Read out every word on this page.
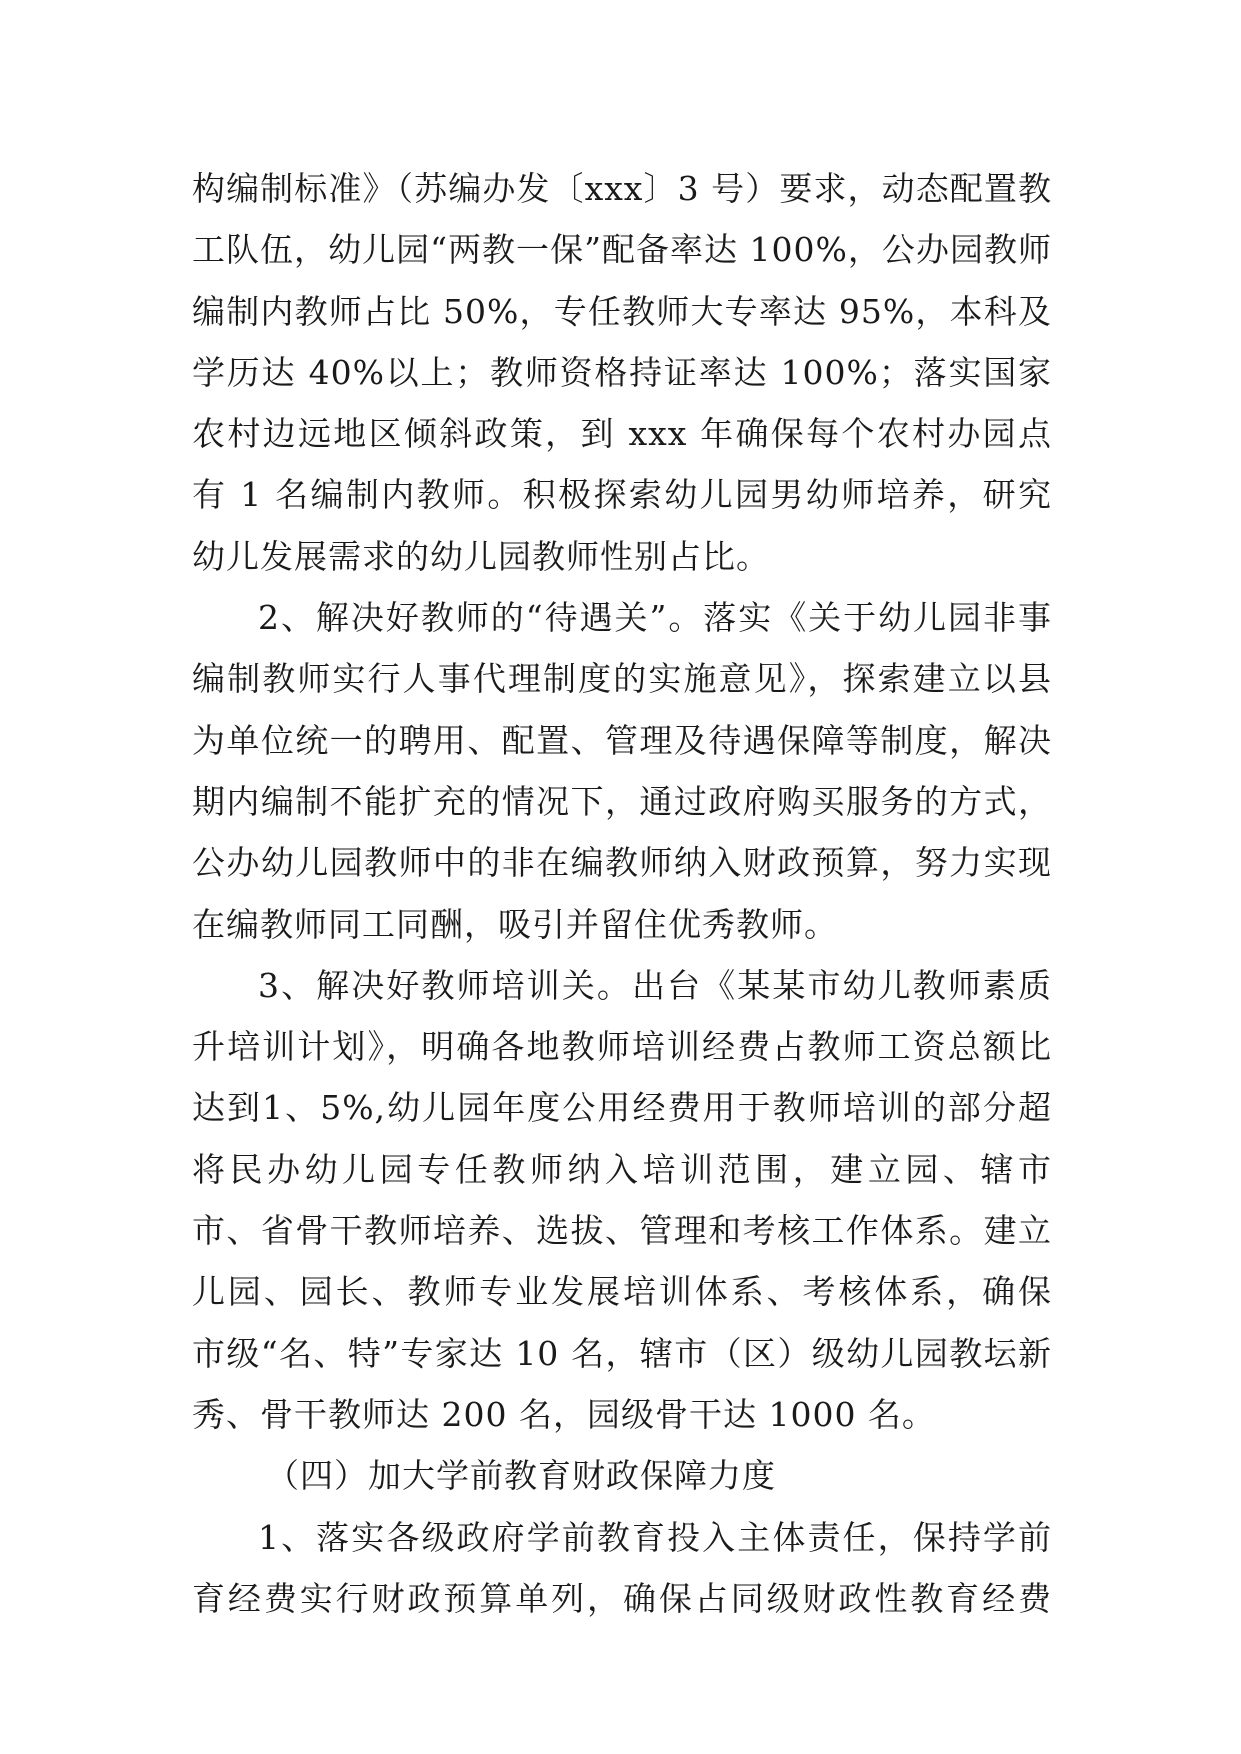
构编制标准》（苏编办发〔xxx〕3 号）要求，动态配置教
工队伍，幼儿园“两教一保”配备率达 100%，公办园教师
编制内教师占比 50%，专任教师大专率达 95%，本科及
学历达 40%以上；教师资格持证率达 100%；落实国家
农村边远地区倾斜政策，到 xxx 年确保每个农村办园点
有 1 名编制内教师。积极探索幼儿园男幼师培养，研究
幼儿发展需求的幼儿园教师性别占比。
2、解决好教师的“待遇关”。落实《关于幼儿园非事
编制教师实行人事代理制度的实施意见》，探索建立以县
为单位统一的聘用、配置、管理及待遇保障等制度，解决
期内编制不能扩充的情况下，通过政府购买服务的方式，
公办幼儿园教师中的非在编教师纳入财政预算，努力实现
在编教师同工同酬，吸引并留住优秀教师。
3、解决好教师培训关。出台《某某市幼儿教师素质
升培训计划》，明确各地教师培训经费占教师工资总额比
达到1、5%,幼儿园年度公用经费用于教师培训的部分超
将民办幼儿园专任教师纳入培训范围，建立园、辖市
市、省骨干教师培养、选拔、管理和考核工作体系。建立
儿园、园长、教师专业发展培训体系、考核体系，确保
市级“名、特”专家达 10 名，辖市（区）级幼儿园教坛新
秀、骨干教师达 200 名，园级骨干达 1000 名。
（四）加大学前教育财政保障力度
1、落实各级政府学前教育投入主体责任，保持学前
育经费实行财政预算单列，确保占同级财政性教育经费
